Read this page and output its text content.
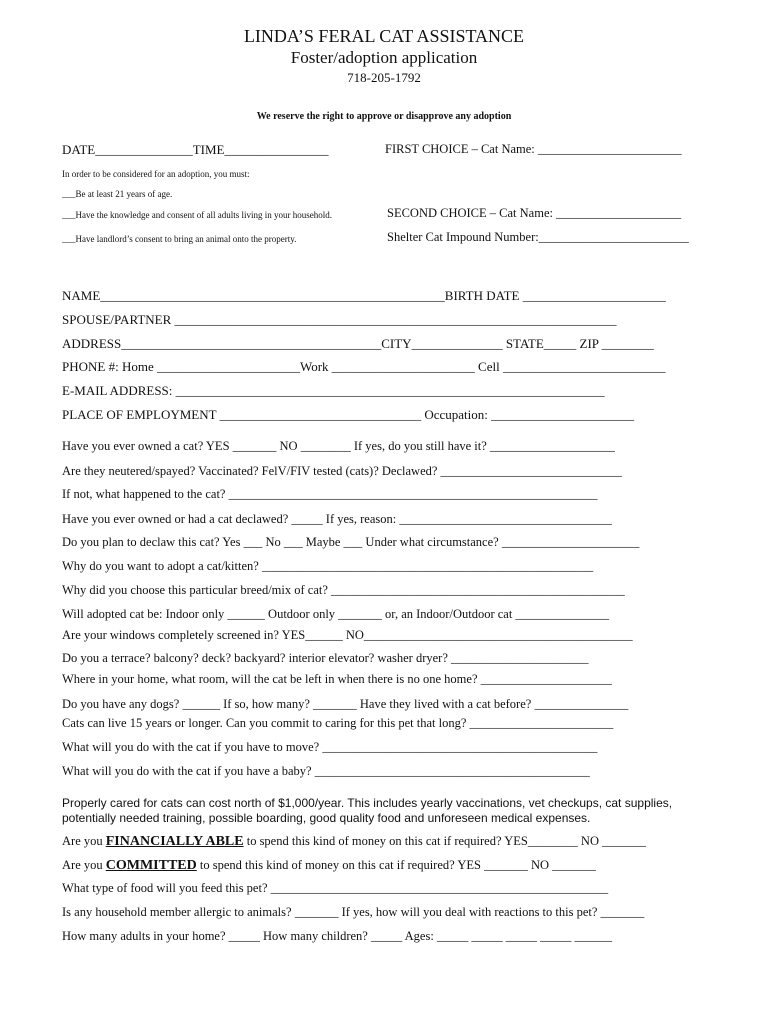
LINDA’S FERAL CAT ASSISTANCE
Foster/adoption application
718-205-1792
We reserve the right to approve or disapprove any adoption
DATE_______________TIME________________	FIRST CHOICE – Cat Name: _______________________
In order to be considered for an adoption, you must:
___Be at least 21 years of age.
___Have the knowledge and consent of all adults living in your household.	SECOND CHOICE – Cat Name: ____________________
___Have landlord’s consent to bring an animal onto the property.	Shelter Cat Impound Number:________________________
NAME_____________________________________________________BIRTH DATE ______________________
SPOUSE/PARTNER ____________________________________________________________________
ADDRESS________________________________________CITY______________ STATE_____ ZIP ________
PHONE #: Home ______________________Work ______________________ Cell _________________________
E-MAIL ADDRESS: __________________________________________________________________
PLACE OF EMPLOYMENT _______________________________ Occupation: ______________________
Have you ever owned a cat? YES _______ NO ________ If yes, do you still have it? ____________________
Are they neutered/spayed? Vaccinated? FelV/FIV tested (cats)? Declawed? _____________________________
If not, what happened to the cat? ___________________________________________________________
Have you ever owned or had a cat declawed? _____ If yes, reason: __________________________________
Do you plan to declaw this cat? Yes ___ No ___ Maybe ___ Under what circumstance? ______________________
Why do you want to adopt a cat/kitten? _____________________________________________________
Why did you choose this particular breed/mix of cat? _______________________________________________
Will adopted cat be: Indoor only ______ Outdoor only _______ or, an Indoor/Outdoor cat _______________
Are your windows completely screened in? YES______ NO___________________________________________
Do you a terrace? balcony? deck? backyard? interior elevator? washer dryer? ______________________
Where in your home, what room, will the cat be left in when there is no one home? _____________________
Do you have any dogs? ______ If so, how many? _______ Have they lived with a cat before? _______________
Cats can live 15 years or longer. Can you commit to caring for this pet that long? _______________________
What will you do with the cat if you have to move? ____________________________________________
What will you do with the cat if you have a baby? ____________________________________________
Properly cared for cats can cost north of $1,000/year. This includes yearly vaccinations, vet checkups, cat supplies,
potentially needed training, possible boarding, good quality food and unforeseen medical expenses.
Are you FINANCIALLY ABLE to spend this kind of money on this cat if required? YES________ NO _______
Are you COMMITTED to spend this kind of money on this cat if required? YES _______ NO _______
What type of food will you feed this pet? ______________________________________________________
Is any household member allergic to animals? _______ If yes, how will you deal with reactions to this pet? _______
How many adults in your home? _____ How many children? _____ Ages: _____ _____ _____ _____ ______
